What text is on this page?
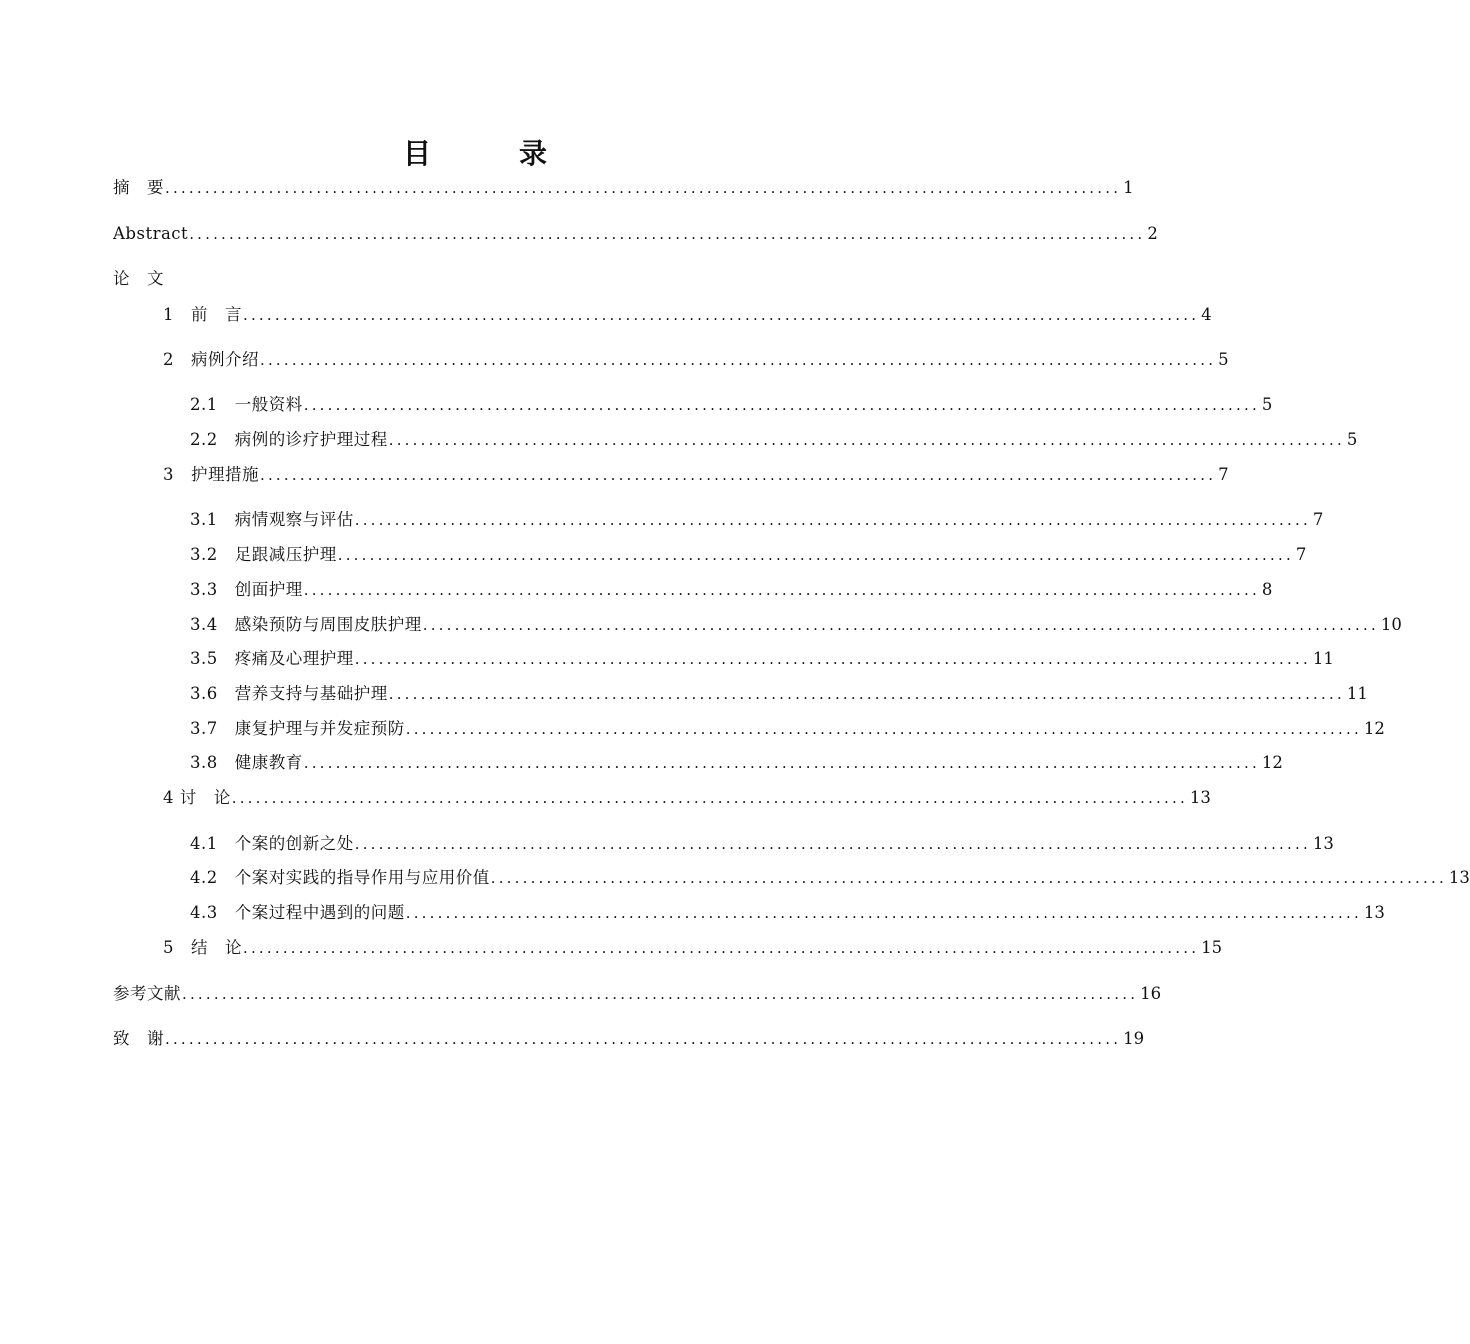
目　录
摘　要 ........................................................................................................................ 1
Abstract ........................................................................................................................ 2
论　文
1　前　言 ........................................................................................................................ 4
2　病例介绍 ........................................................................................................................ 5
2.1　一般资料 ........................................................................................................................ 5
2.2　病例的诊疗护理过程 ........................................................................................................................ 5
3　护理措施 ........................................................................................................................ 7
3.1　病情观察与评估 ........................................................................................................................ 7
3.2　足跟减压护理 ........................................................................................................................ 7
3.3　创面护理 ........................................................................................................................ 8
3.4　感染预防与周围皮肤护理 ........................................................................................................................ 10
3.5　疼痛及心理护理 ........................................................................................................................ 11
3.6　营养支持与基础护理 ........................................................................................................................ 11
3.7　康复护理与并发症预防 ........................................................................................................................ 12
3.8　健康教育 ........................................................................................................................ 12
4 讨　论 ........................................................................................................................ 13
4.1　个案的创新之处 ........................................................................................................................ 13
4.2　个案对实践的指导作用与应用价值 ........................................................................................................................ 13
4.3　个案过程中遇到的问题 ........................................................................................................................ 13
5　结　论 ........................................................................................................................ 15
参考文献 ........................................................................................................................ 16
致　谢 ........................................................................................................................ 19
